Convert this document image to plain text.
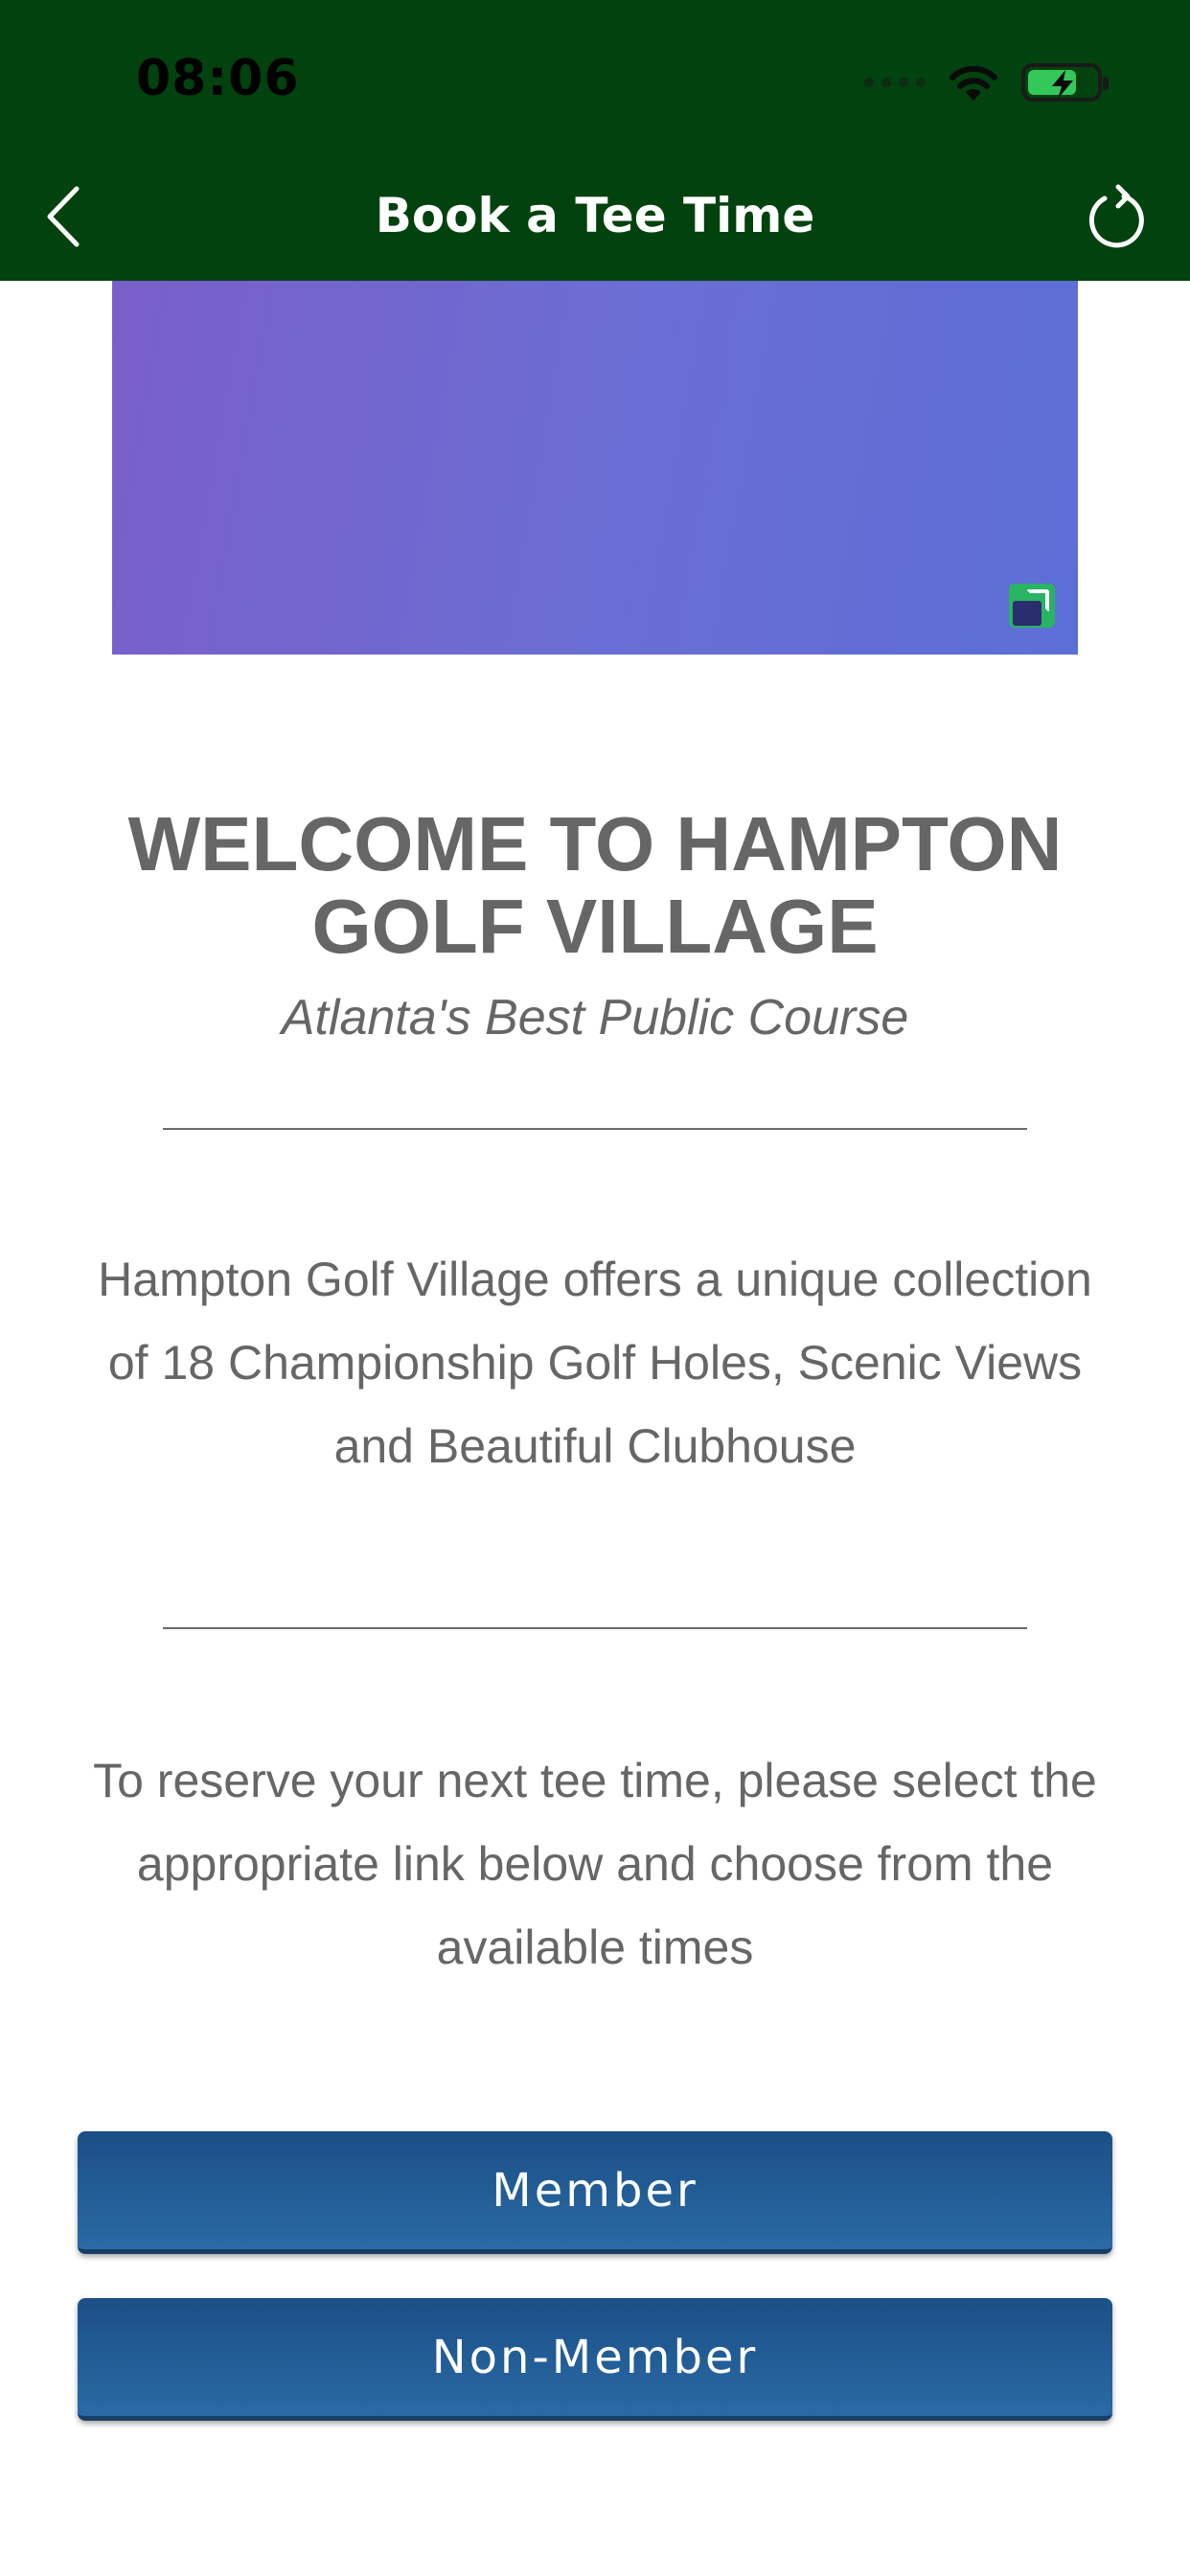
08:06
Book a Tee Time
WELCOME TO HAMPTON GOLF VILLAGE
Atlanta's Best Public Course

Hampton Golf Village offers a unique collection of 18 Championship Golf Holes, Scenic Views and Beautiful Clubhouse

To reserve your next tee time, please select the appropriate link below and choose from the available times

Member
Non-Member
